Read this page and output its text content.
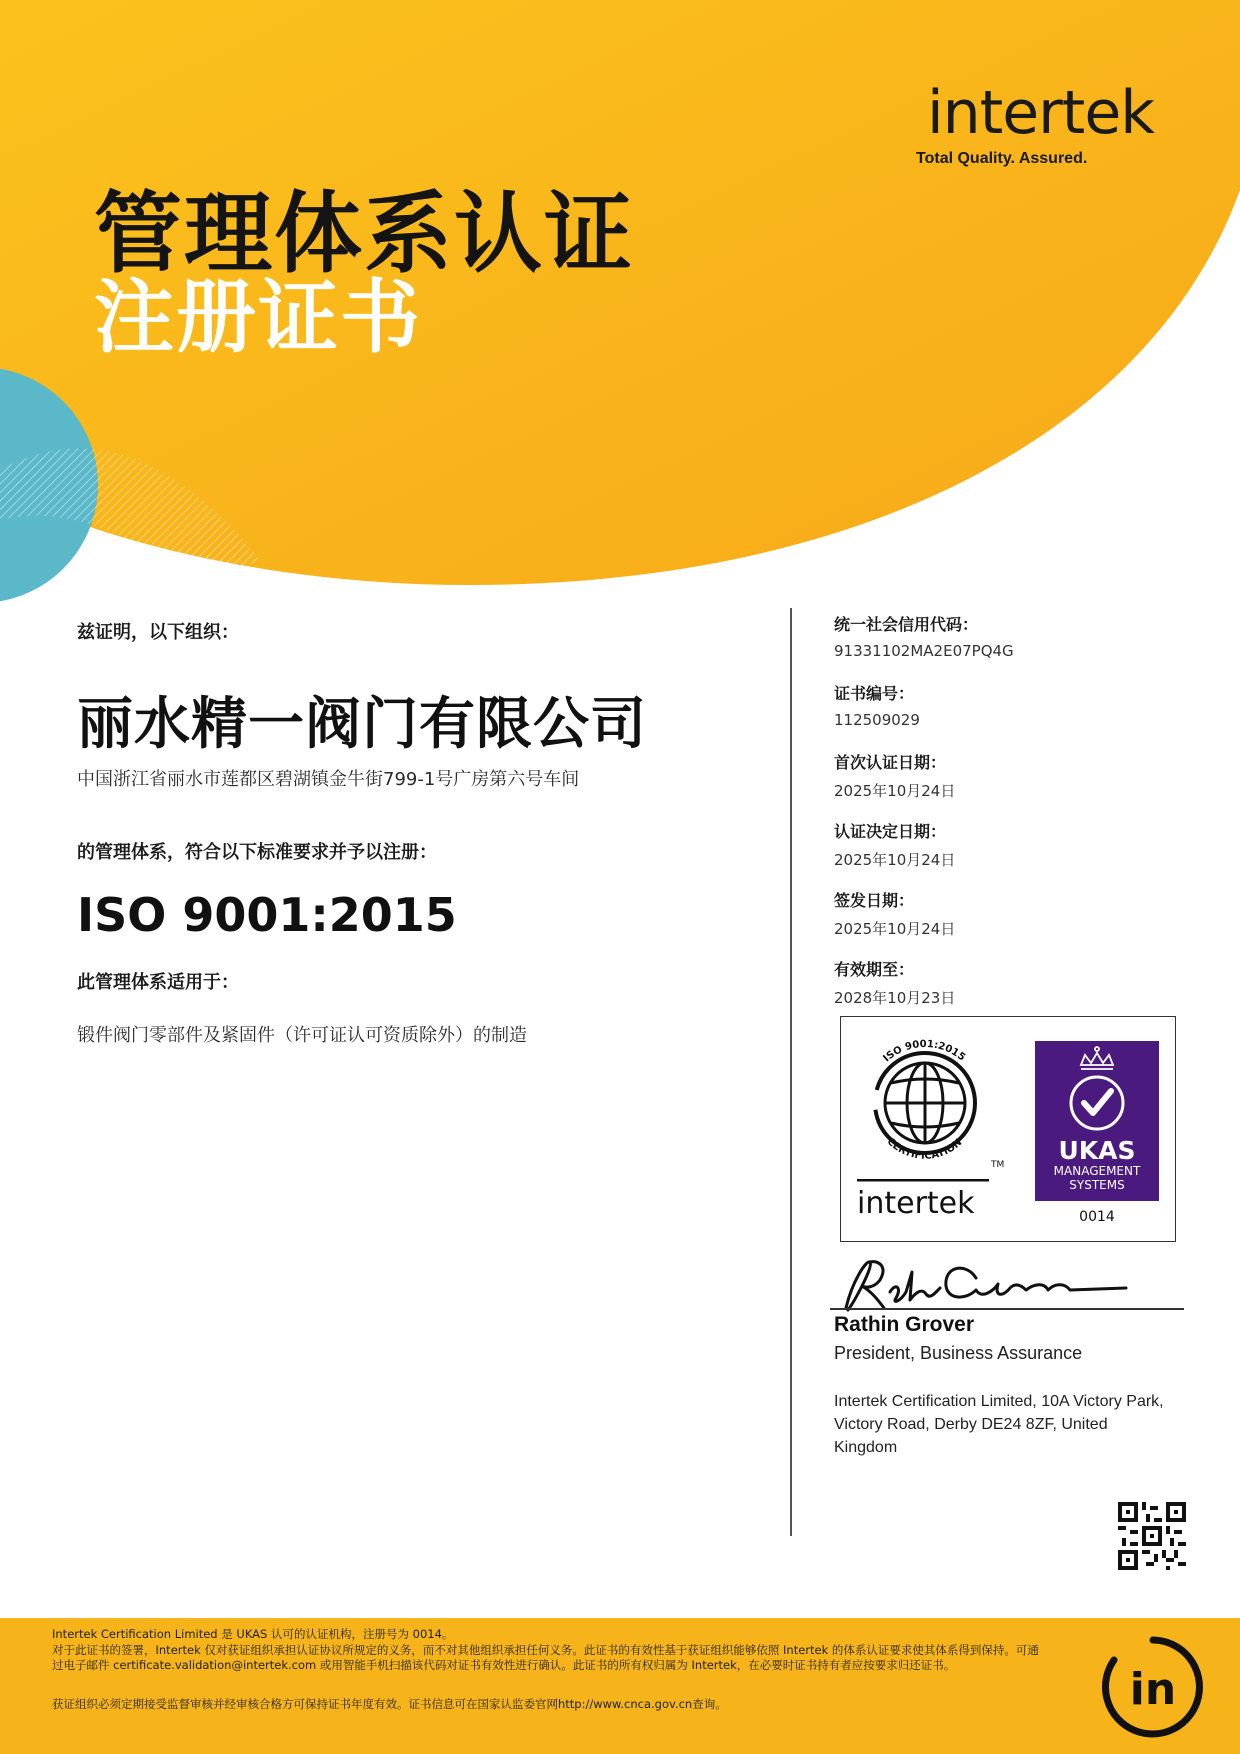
intertek
Total Quality. Assured.
管理体系认证
注册证书
兹证明，以下组织：
丽水精一阀门有限公司
中国浙江省丽水市莲都区碧湖镇金牛街799-1号广房第六号车间
的管理体系，符合以下标准要求并予以注册：
ISO 9001:2015
此管理体系适用于：
锻件阀门零部件及紧固件（许可证认可资质除外）的制造
统一社会信用代码：
91331102MA2E07PQ4G
证书编号：
112509029
首次认证日期：
2025年10月24日
认证决定日期：
2025年10月24日
签发日期：
2025年10月24日
有效期至：
2028年10月23日
ISO 9001:2015
CERTIFICATION
TM
intertek
UKAS
MANAGEMENT
SYSTEMS
0014
Rathin Grover
President, Business Assurance
Intertek Certification Limited, 10A Victory Park, Victory Road, Derby DE24 8ZF, United Kingdom
Intertek Certification Limited 是 UKAS 认可的认证机构，注册号为 0014。
对于此证书的签署，Intertek 仅对获证组织承担认证协议所规定的义务，而不对其他组织承担任何义务。此证书的有效性基于获证组织能够依照 Intertek 的体系认证要求使其体系得到保持。可通过电子邮件 certificate.validation@intertek.com 或用智能手机扫描该代码对证书有效性进行确认。此证书的所有权归属为 Intertek，在必要时证书持有者应按要求归还证书。
获证组织必须定期接受监督审核并经审核合格方可保持证书年度有效。证书信息可在国家认监委官网http://www.cnca.gov.cn查询。	in
